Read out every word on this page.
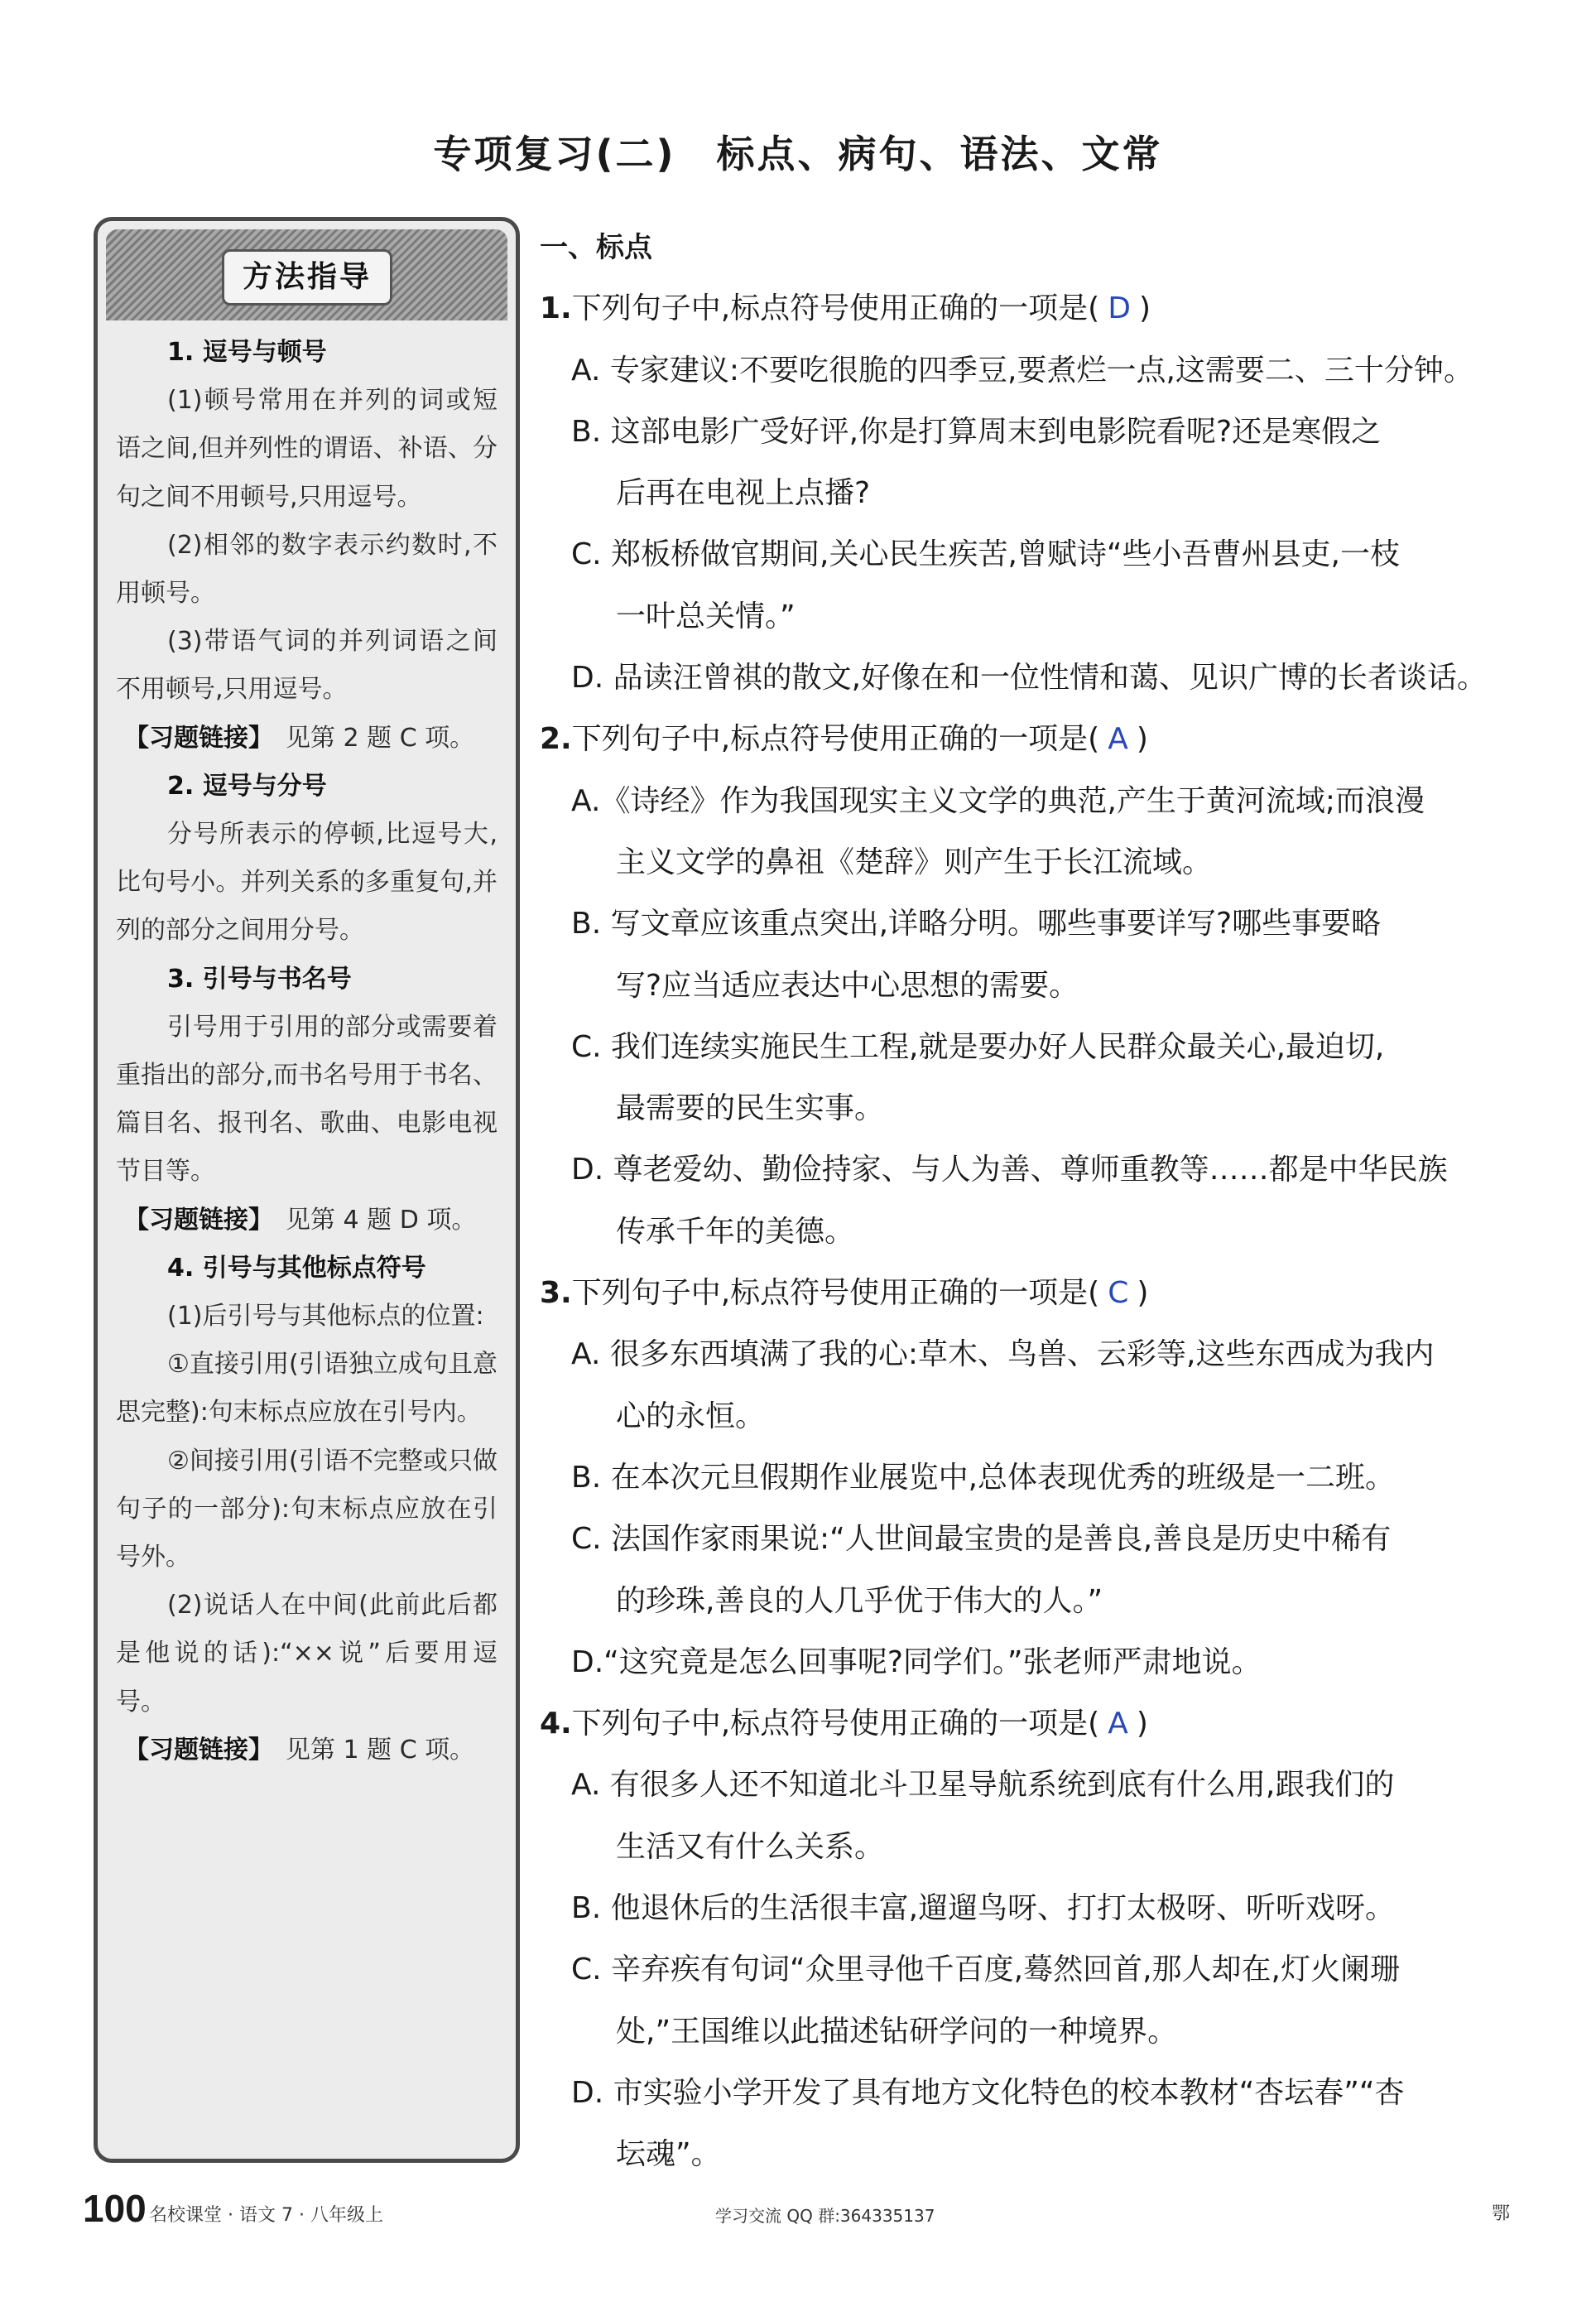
专项复习(二)　标点、病句、语法、文常
方法指导

1. 逗号与顿号

(1)顿号常用在并列的词或短语之间,但并列性的谓语、补语、分句之间不用顿号,只用逗号。

(2)相邻的数字表示约数时,不用顿号。

(3)带语气词的并列词语之间不用顿号,只用逗号。

【习题链接】　见第 2 题 C 项。

2. 逗号与分号

分号所表示的停顿,比逗号大,比句号小。并列关系的多重复句,并列的部分之间用分号。

3. 引号与书名号

引号用于引用的部分或需要着重指出的部分,而书名号用于书名、篇目名、报刊名、歌曲、电影电视节目等。

【习题链接】　见第 4 题 D 项。

4. 引号与其他标点符号

(1)后引号与其他标点的位置:

①直接引用(引语独立成句且意思完整):句末标点应放在引号内。

②间接引用(引语不完整或只做句子的一部分):句末标点应放在引号外。

(2)说话人在中间(此前此后都是他说的话):“××说”后要用逗号。

【习题链接】　见第 1 题 C 项。

一、标点

1.下列句子中,标点符号使用正确的一项是( D )

A. 专家建议:不要吃很脆的四季豆,要煮烂一点,这需要二、三十分钟。

B. 这部电影广受好评,你是打算周末到电影院看呢?还是寒假之

后再在电视上点播?

C. 郑板桥做官期间,关心民生疾苦,曾赋诗“些小吾曹州县吏,一枝

一叶总关情。”

D. 品读汪曾祺的散文,好像在和一位性情和蔼、见识广博的长者谈话。

2.下列句子中,标点符号使用正确的一项是( A )

A.《诗经》作为我国现实主义文学的典范,产生于黄河流域;而浪漫

主义文学的鼻祖《楚辞》则产生于长江流域。

B. 写文章应该重点突出,详略分明。哪些事要详写?哪些事要略

写?应当适应表达中心思想的需要。

C. 我们连续实施民生工程,就是要办好人民群众最关心,最迫切,

最需要的民生实事。

D. 尊老爱幼、勤俭持家、与人为善、尊师重教等……都是中华民族

传承千年的美德。

3.下列句子中,标点符号使用正确的一项是( C )

A. 很多东西填满了我的心:草木、鸟兽、云彩等,这些东西成为我内

心的永恒。

B. 在本次元旦假期作业展览中,总体表现优秀的班级是一二班。

C. 法国作家雨果说:“人世间最宝贵的是善良,善良是历史中稀有

的珍珠,善良的人几乎优于伟大的人。”

D.“这究竟是怎么回事呢?同学们。”张老师严肃地说。

4.下列句子中,标点符号使用正确的一项是( A )

A. 有很多人还不知道北斗卫星导航系统到底有什么用,跟我们的

生活又有什么关系。

B. 他退休后的生活很丰富,遛遛鸟呀、打打太极呀、听听戏呀。

C. 辛弃疾有句词“众里寻他千百度,蓦然回首,那人却在,灯火阑珊

处,”王国维以此描述钻研学问的一种境界。

D. 市实验小学开发了具有地方文化特色的校本教材“杏坛春”“杏

坛魂”。

100 名校课堂 · 语文 7 · 八年级上	学习交流 QQ 群:364335137	鄂
